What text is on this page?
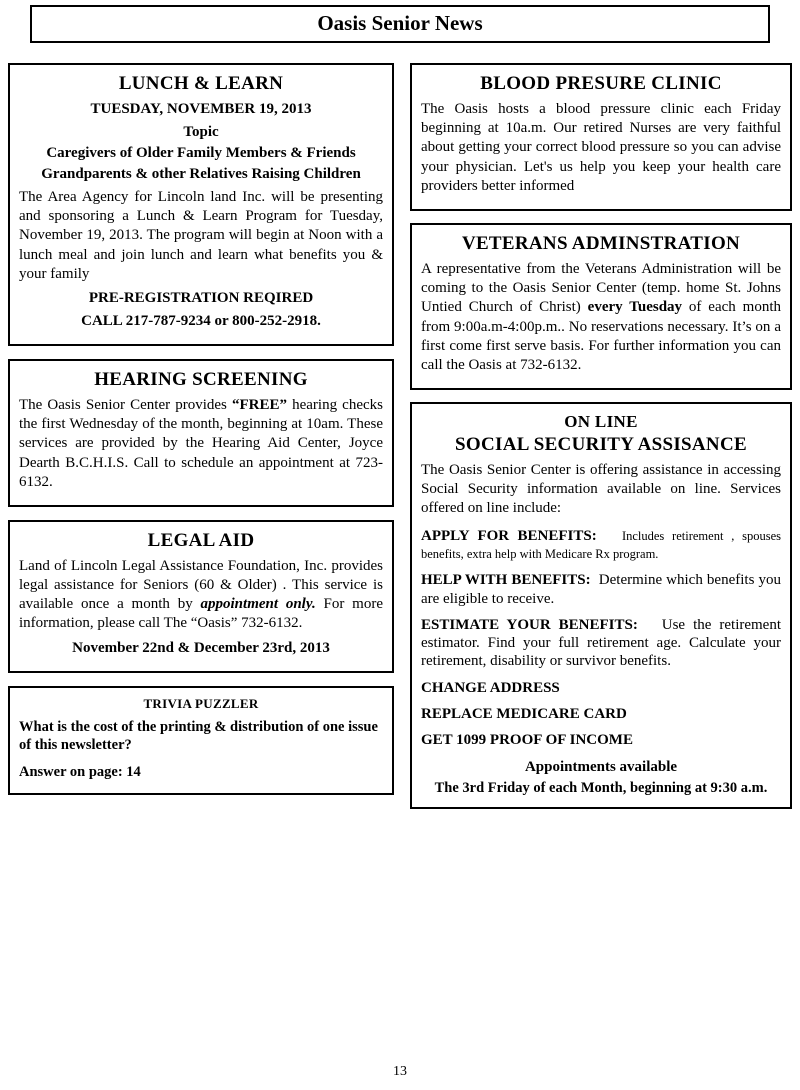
Oasis Senior News
LUNCH & LEARN
TUESDAY, NOVEMBER 19, 2013
Topic
Caregivers of Older Family Members & Friends
Grandparents & other Relatives Raising Children

The Area Agency for Lincoln land Inc. will be presenting and sponsoring a Lunch & Learn Program for Tuesday, November 19, 2013. The program will begin at Noon with a lunch meal and join lunch and learn what benefits you & your family

PRE-REGISTRATION REQIRED
CALL 217-787-9234 or 800-252-2918.
HEARING SCREENING

The Oasis Senior Center provides “FREE” hearing checks the first Wednesday of the month, beginning at 10am. These services are provided by the Hearing Aid Center, Joyce Dearth B.C.H.I.S. Call to schedule an appointment at 723-6132.

LEGAL AID

Land of Lincoln Legal Assistance Foundation, Inc. provides legal assistance for Seniors (60 & Older) . This service is available once a month by appointment only. For more information, please call The “Oasis” 732-6132.

November 22nd & December 23rd, 2013
TRIVIA PUZZLER
What is the cost of the printing & distribution of one issue of this newsletter?
Answer on page: 14
BLOOD PRESURE CLINIC

The Oasis hosts a blood pressure clinic each Friday beginning at 10a.m. Our retired Nurses are very faithful about getting your correct blood pressure so you can advise your physician. Let's us help you keep your health care providers better informed

VETERANS ADMINSTRATION

A representative from the Veterans Administration will be coming to the Oasis Senior Center (temp. home St. Johns Untied Church of Christ) every Tuesday of each month from 9:00a.m-4:00p.m.. No reservations necessary. It’s on a first come first serve basis. For further information you can call the Oasis at 732-6132.

ON LINE
SOCIAL SECURITY ASSISANCE

The Oasis Senior Center is offering assistance in accessing Social Security information available on line. Services offered on line include:

APPLY FOR BENEFITS: Includes retirement , spouses benefits, extra help with Medicare Rx program.

HELP WITH BENEFITS: Determine which benefits you are eligible to receive.

ESTIMATE YOUR BENEFITS: Use the retirement estimator. Find your full retirement age. Calculate your retirement, disability or survivor benefits.

CHANGE ADDRESS
REPLACE MEDICARE CARD
GET 1099 PROOF OF INCOME
Appointments available
The 3rd Friday of each Month, beginning at 9:30 a.m.
13
